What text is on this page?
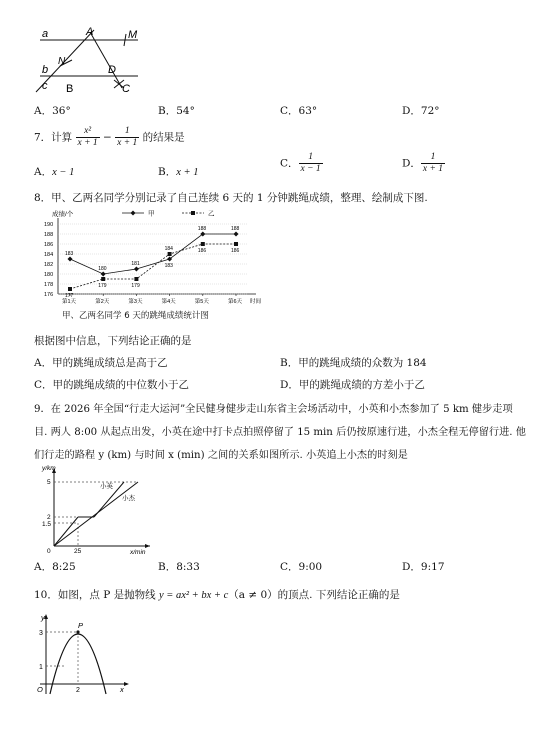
a	A	M
N
b	D
c B	C
A．36°	B．54°	C．63°	D．72°
7．计算 $\frac{\text{x²}}{x + 1} - \frac{1}{x + 1}$ 的结果是
A．x − 1	B．x + 1
C． $\frac{1}{x - 1}$	D． $\frac{1}{x + 1}$
8．甲、乙两名同学分别记录了自己连续 6 天的 1 分钟跳绳成绩，整理、绘制成下图.
成绩/个
时间
176
178
180
182
184
186
188
190
第1天	第2天	第3天	第4天	第5天	第6天
甲	乙
183
180
181	183
188	188
177
179	179
184	186	186
甲、乙两名同学 6 天的跳绳成绩统计图
根据图中信息，下列结论正确的是
A．甲的跳绳成绩总是高于乙	B．甲的跳绳成绩的众数为 184
C．甲的跳绳成绩的中位数小于乙	D．甲的跳绳成绩的方差小于乙
9．在 2026 年全国“行走大运河”全民健身健步走山东省主会场活动中，小英和小杰参加了 5 km 健步走项
目. 两人 8:00 从起点出发，小英在途中打卡点拍照停留了 15 min 后仍按原速行进，小杰全程无停留行进. 他
们行走的路程 y (km) 与时间 x (min) 之间的关系如图所示. 小英追上小杰的时刻是
y/km
x/min
5
2
1.5
25
0
小英
小杰
A．8:25	B．8:33	C．9:00	D．9:17
10．如图，点 P 是抛物线 y = ax² + bx + c（a ≠ 0）的顶点. 下列结论正确的是
y
x
P
3
1
2
O
